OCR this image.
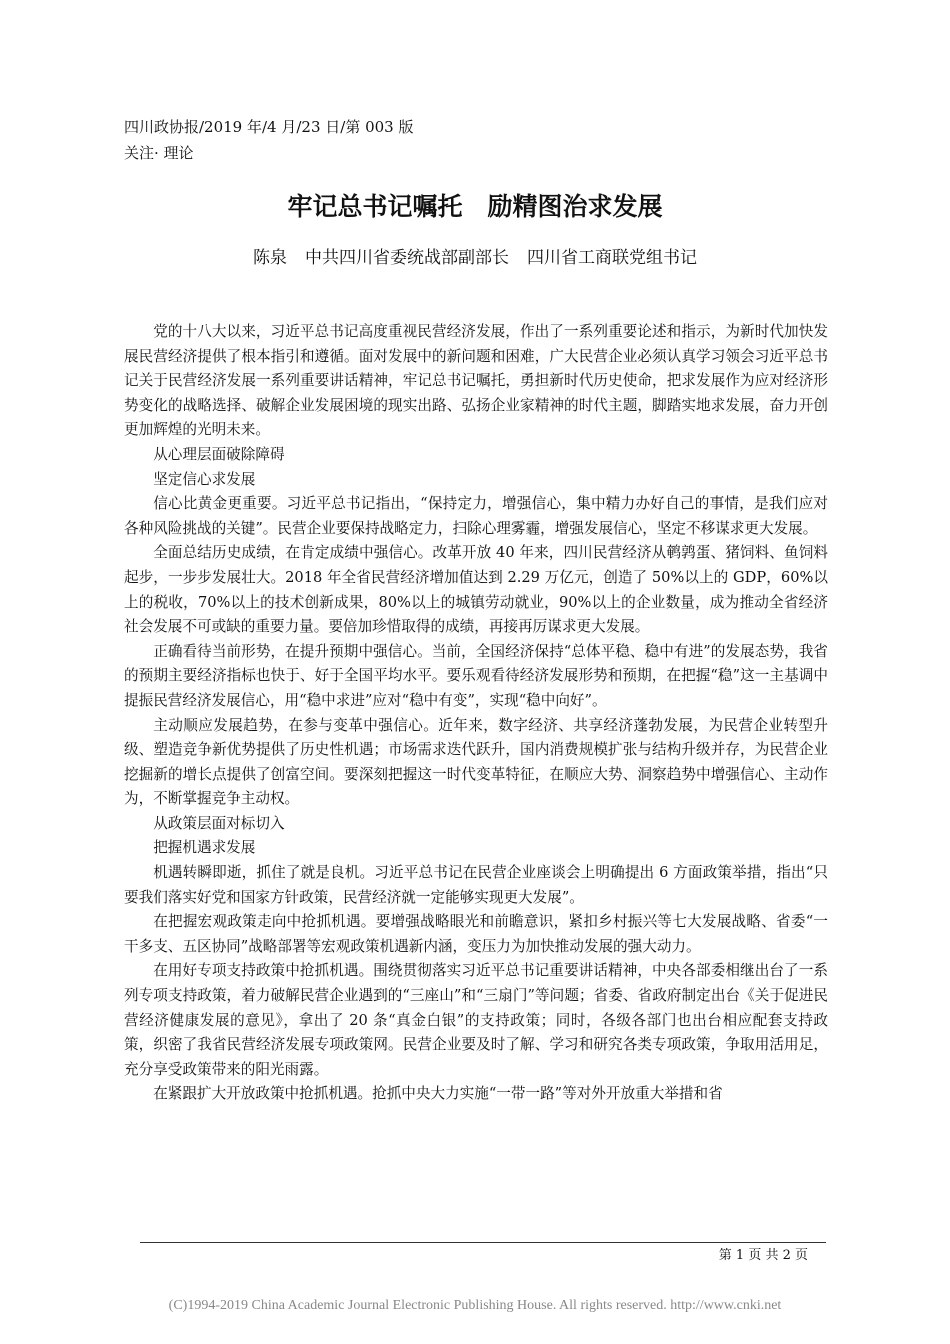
四川政协报/2019 年/4 月/23 日/第 003 版
关注· 理论
牢记总书记嘱托　励精图治求发展
陈泉 中共四川省委统战部副部长 四川省工商联党组书记

党的十八大以来，习近平总书记高度重视民营经济发展，作出了一系列重要论述和指示，为新时代加快发展民营经济提供了根本指引和遵循。面对发展中的新问题和困难，广大民营企业必须认真学习领会习近平总书记关于民营经济发展一系列重要讲话精神，牢记总书记嘱托，勇担新时代历史使命，把求发展作为应对经济形势变化的战略选择、破解企业发展困境的现实出路、弘扬企业家精神的时代主题，脚踏实地求发展，奋力开创更加辉煌的光明未来。

从心理层面破除障碍

坚定信心求发展

信心比黄金更重要。习近平总书记指出，“保持定力，增强信心，集中精力办好自己的事情，是我们应对各种风险挑战的关键”。民营企业要保持战略定力，扫除心理雾霾，增强发展信心，坚定不移谋求更大发展。

全面总结历史成绩，在肯定成绩中强信心。改革开放 40 年来，四川民营经济从鹌鹑蛋、猪饲料、鱼饲料起步，一步步发展壮大。2018 年全省民营经济增加值达到 2.29 万亿元，创造了 50%以上的 GDP，60%以上的税收，70%以上的技术创新成果，80%以上的城镇劳动就业，90%以上的企业数量，成为推动全省经济社会发展不可或缺的重要力量。要倍加珍惜取得的成绩，再接再厉谋求更大发展。

正确看待当前形势，在提升预期中强信心。当前，全国经济保持“总体平稳、稳中有进”的发展态势，我省的预期主要经济指标也快于、好于全国平均水平。要乐观看待经济发展形势和预期，在把握“稳”这一主基调中提振民营经济发展信心，用“稳中求进”应对“稳中有变”，实现“稳中向好”。

主动顺应发展趋势，在参与变革中强信心。近年来，数字经济、共享经济蓬勃发展，为民营企业转型升级、塑造竞争新优势提供了历史性机遇；市场需求迭代跃升，国内消费规模扩张与结构升级并存，为民营企业挖掘新的增长点提供了创富空间。要深刻把握这一时代变革特征，在顺应大势、洞察趋势中增强信心、主动作为，不断掌握竞争主动权。

从政策层面对标切入

把握机遇求发展

机遇转瞬即逝，抓住了就是良机。习近平总书记在民营企业座谈会上明确提出 6 方面政策举措，指出“只要我们落实好党和国家方针政策，民营经济就一定能够实现更大发展”。

在把握宏观政策走向中抢抓机遇。要增强战略眼光和前瞻意识，紧扣乡村振兴等七大发展战略、省委“一干多支、五区协同”战略部署等宏观政策机遇新内涵，变压力为加快推动发展的强大动力。

在用好专项支持政策中抢抓机遇。围绕贯彻落实习近平总书记重要讲话精神，中央各部委相继出台了一系列专项支持政策，着力破解民营企业遇到的“三座山”和“三扇门”等问题；省委、省政府制定出台《关于促进民营经济健康发展的意见》，拿出了 20 条“真金白银”的支持政策；同时，各级各部门也出台相应配套支持政策，织密了我省民营经济发展专项政策网。民营企业要及时了解、学习和研究各类专项政策，争取用活用足，充分享受政策带来的阳光雨露。

在紧跟扩大开放政策中抢抓机遇。抢抓中央大力实施“一带一路”等对外开放重大举措和省

第 1 页 共 2 页
(C)1994-2019 China Academic Journal Electronic Publishing House. All rights reserved. http://www.cnki.net
